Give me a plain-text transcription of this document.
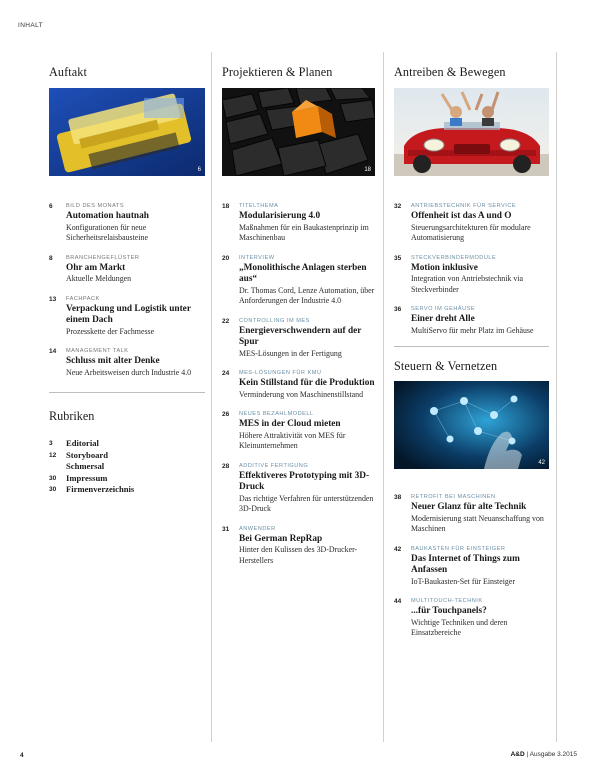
INHALT
Auftakt
6
6 BILD DES MONATS
Automation hautnah
Konfigurationen für neue Sicherheitsrelaisbausteine
8 BRANCHENGEFLÜSTER
Ohr am Markt
Aktuelle Meldungen
13 FACHPACK
Verpackung und Logistik unter einem Dach
Prozesskette der Fachmesse
14 MANAGEMENT TALK
Schluss mit alter Denke
Neue Arbeitsweisen durch Industrie 4.0
Rubriken
3 Editorial
12 Storyboard
Schmersal
30 Impressum
30 Firmenverzeichnis
Projektieren & Planen
18
18 TITELTHEMA
Modularisierung 4.0
Maßnahmen für ein Baukastenprinzip im Maschinenbau
20 INTERVIEW
„Monolithische Anlagen sterben aus“
Dr. Thomas Cord, Lenze Automation, über Anforderungen der Industrie 4.0
22 CONTROLLING IM MES
Energieverschwendern auf der Spur
MES-Lösungen in der Fertigung
24 MES-LÖSUNGEN FÜR KMU
Kein Stillstand für die Produktion
Verminderung von Maschinenstillstand
26 NEUES BEZAHLMODELL
MES in der Cloud mieten
Höhere Attraktivität von MES für Kleinunternehmen
28 ADDITIVE FERTIGUNG
Effektiveres Prototyping mit 3D-Druck
Das richtige Verfahren für unterstützenden 3D-Druck
31 ANWENDER
Bei German RepRap
Hinter den Kulissen des 3D-Drucker-Herstellers
Antreiben & Bewegen
32 ANTRIEBSTECHNIK FÜR SERVICE
Offenheit ist das A und O
Steuerungsarchitekturen für modulare Automatisierung
35 STECKVERBINDERMODULE
Motion inklusive
Integration von Antriebstechnik via Steckverbinder
36 SERVO IM GEHÄUSE
Einer dreht Alle
MultiServo für mehr Platz im Gehäuse
Steuern & Vernetzen
42
38 RETROFIT BEI MASCHINEN
Neuer Glanz für alte Technik
Modernisierung statt Neuanschaffung von Maschinen
42 BAUKASTEN FÜR EINSTEIGER
Das Internet of Things zum Anfassen
IoT-Baukasten-Set für Einsteiger
44 MULTITOUCH-TECHNIK
...für Touchpanels?
Wichtige Techniken und deren Einsatzbereiche
4	A&D | Ausgabe 3.2015
